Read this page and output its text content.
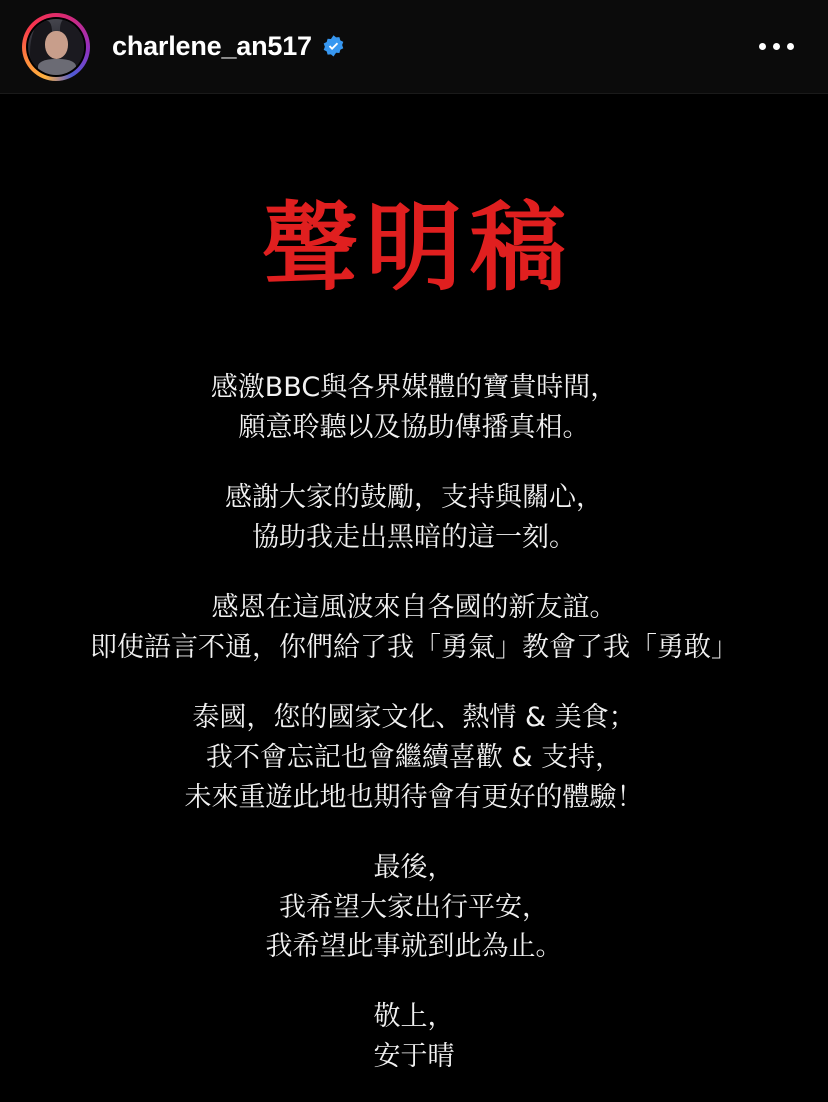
charlene_an517
聲明稿

感激BBC與各界媒體的寶貴時間，
願意聆聽以及協助傳播真相。

感謝大家的鼓勵，支持與關心，
協助我走出黑暗的這一刻。

感恩在這風波來自各國的新友誼。
即使語言不通，你們給了我「勇氣」教會了我「勇敢」

泰國，您的國家文化、熱情 & 美食；
我不會忘記也會繼續喜歡 & 支持，
未來重遊此地也期待會有更好的體驗！

最後，
我希望大家出行平安，
我希望此事就到此為止。

敬上，
安于晴
